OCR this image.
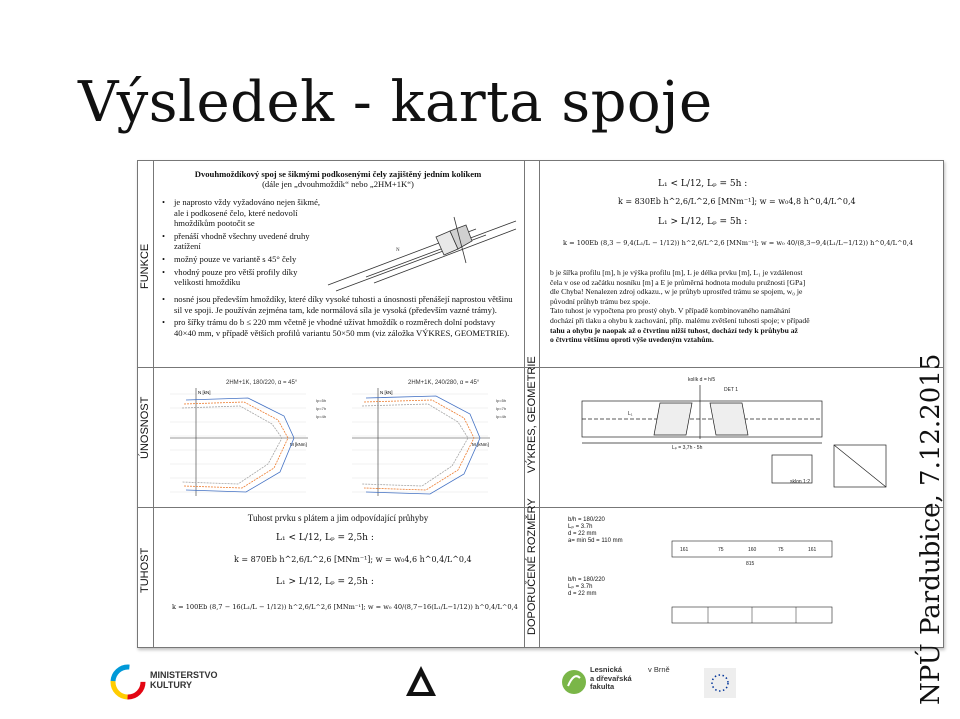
Výsledek - karta spoje
FUNKCE
ÚNOSNOST
TUHOST
VÝKRES, GEOMETRIE
DOPORUČENÉ ROZMĚRY
Dvouhmoždíkový spoj se šikmými podkosenými čely zajištěný jedním kolíkem
(dále jen „dvouhmoždík“ nebo „2HM+1K“)
• je naprosto vždy vyžadováno nejen šikmé, ale i podkosené čelo, které nedovolí hmoždíkům pootočit se
• přenáší vhodně všechny uvedené druhy zatížení
• možný pouze ve variantě s 45° čely
• vhodný pouze pro větší profily díky velikosti hmoždíku
• nosné jsou především hmoždíky, které díky vysoké tuhosti a únosnosti přenášejí naprostou většinu sil ve spoji. Je používán zejména tam, kde normálová síla je vysoká (především vazné trámy).
• pro šířky trámu do b ≤ 220 mm včetně je vhodné užívat hmoždík o rozměrech dolní podstavy 40×40 mm, v případě větších profilů variantu 50×50 mm (viz záložka VÝKRES, GEOMETRIE).
N
L₁ < L/12, Lₚ = 5h :
k = 830Eb h^2,6/L^2,6 [MNm⁻¹]; w = w₀4,8 h^0,4/L^0,4
L₁ > L/12, Lₚ = 5h :
k = 100Eb (8,3 − 9,4(L₁/L − 1/12)) h^2,6/L^2,6 [MNm⁻¹]; w = w₀ 40/(8,3−9,4(L₁/L−1/12)) h^0,4/L^0,4
b je šířka profilu [m], h je výška profilu [m], L je délka prvku [m], L₁ je vzdálenost
čela v ose od začátku nosníku [m] a E je průměrná hodnota modulu pružnosti [GPa]
dle Chyba! Nenalezen zdroj odkazu., w je průhyb uprostřed trámu se spojem, w₀ je
původní průhyb trámu bez spoje.
Tato tuhost je vypočtena pro prostý ohyb. V případě kombinovaného namáhání
dochází při tlaku a ohybu k zachování, příp. malému zvětšení tuhosti spoje; v případě
tahu a ohybu je naopak až o čtvrtinu nižší tuhost, dochází tedy k průhybu až
o čtvrtinu většímu oproti výše uvedeným vztahům.
2HM+1K, 180/220, α = 45°
N [kN]
M [kNm]
Ip=5h
Ip=7h
Ip=4h
2HM+1K, 240/280, α = 45°
N [kN]
M [kNm]
Ip=5h
Ip=7h
Ip=4h
kolík d = h/5
DET 1
L₁
Lₚ = 3,7h - 5h
sklon 1:2
Tuhost prvku s plátem a jim odpovídající průhyby
L₁ < L/12, Lₚ = 2,5h :
k = 870Eb h^2,6/L^2,6 [MNm⁻¹]; w = w₀4,6 h^0,4/L^0,4
L₁ > L/12, Lₚ = 2,5h :
k = 100Eb (8,7 − 16(L₁/L − 1/12)) h^2,6/L^2,6 [MNm⁻¹]; w = w₀ 40/(8,7−16(L₁/L−1/12)) h^0,4/L^0,4
b/h = 180/220
Lₚ = 3.7h
d = 22 mm
a= min 5d = 110 mm
161	75	160	75	161
815
b/h = 180/220
Lₚ = 3.7h
d = 22 mm
MINISTERSTVO
KULTURY
Lesnická
a dřevařská
fakulta
v Brně	NPÚ Pardubice, 7.12.2015
